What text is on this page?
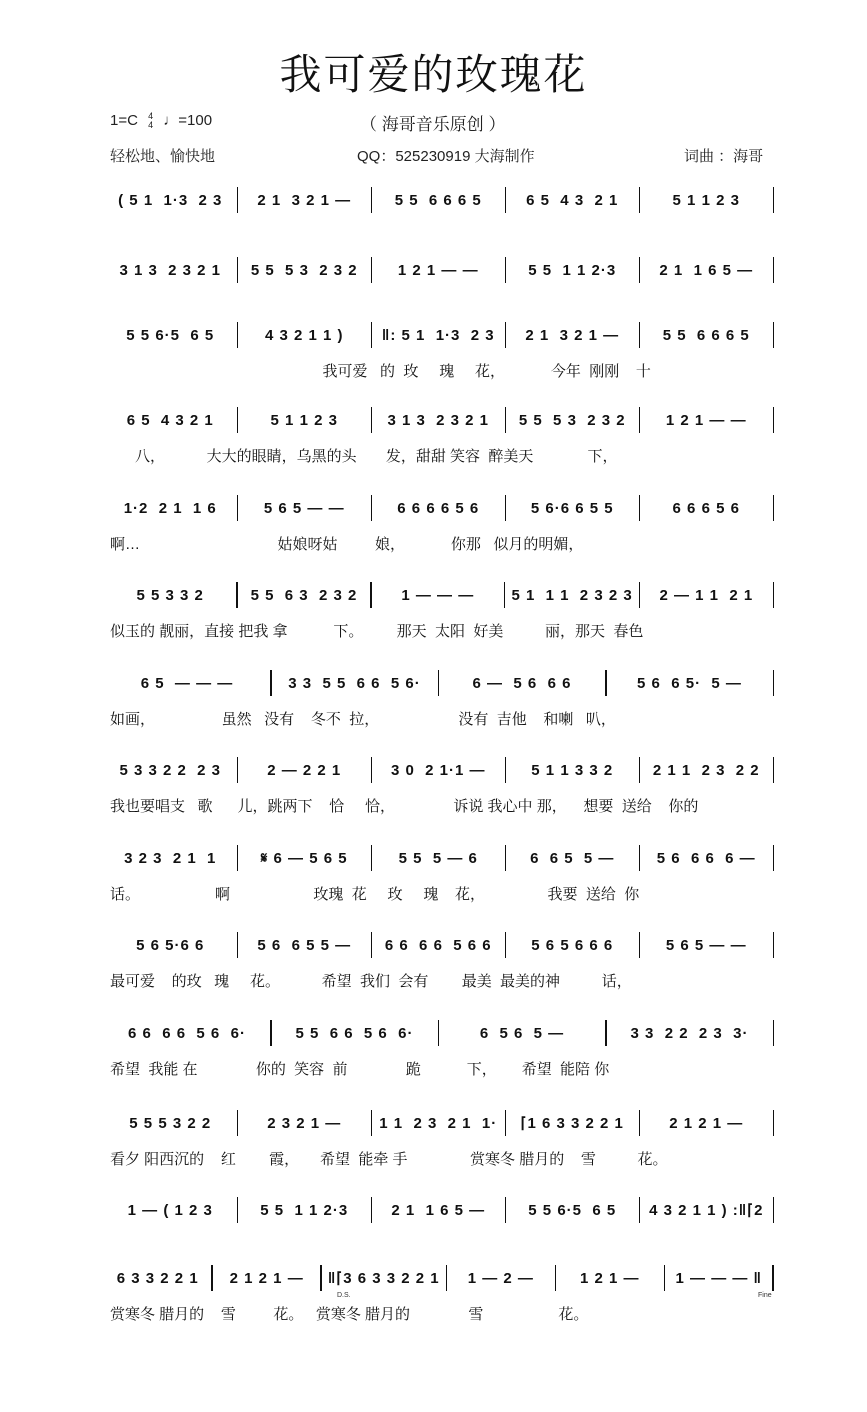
我可爱的玫瑰花
1=C 4
4 ♩=100	（ 海哥音乐原创 ）
轻松地、愉快地	QQ：525230919 大海制作	词曲 ：海哥
( 5 1  1·3  2 3	2 1  3 2 1 —	5 5  6 6 6 5	6 5  4 3  2 1	5 1 1 2 3
3 1 3  2 3 2 1	5 5  5 3  2 3 2	1 2 1 — —	5 5  1 1 2·3	2 1  1 6 5 —
5 5 6·5  6 5	4 3 2 1 1 )	‖: 5 1  1·3  2 3	2 1  3 2 1 —	5 5  6 6 6 5
我可爱   的  玫     瑰     花，           今年  刚刚    十
6 5  4 3 2 1	5 1 1 2 3	3 1 3  2 3 2 1	5 5  5 3  2 3 2	1 2 1 — —
八，          大大的眼睛，乌黑的头       发，甜甜 笑容  醉美天             下，
1·2  2 1  1 6	5 6 5 — —	6 6 6 6 5 6	5 6·6 6 5 5	6 6 6 5 6
啊…                                 姑娘呀姑         娘，           你那   似月的明媚，
5 5 3 3 2	5 5  6 3  2 3 2	1 — — —	5 1  1 1  2 3 2 3	2 — 1 1  2 1
似玉的 靓丽，直接 把我 拿           下。        那天  太阳  好美          丽，那天  春色
6 5  — — —	3 3  5 5  6 6  5 6·	6 —  5 6  6 6	5 6  6 5·  5 —
如画，                虽然   没有    冬不  拉，                   没有  吉他    和喇   叭，
5 3 3 2 2  2 3	2 — 2 2 1	3 0  2 1·1 —	5 1 1 3 3 2	2 1 1  2 3  2 2
我也要唱支   歌      儿，跳两下    恰     恰，              诉说 我心中 那，    想要  送给    你的
3 2 3  2 1  1	𝄋 6 — 5 6 5	5 5  5 — 6	6  6 5  5 —	5 6  6 6  6 —
话。                  啊                    玫瑰  花     玫     瑰    花，               我要  送给  你
5 6 5·6 6	5 6  6 5 5 —	6 6  6 6  5 6 6	5 6 5 6 6 6	5 6 5 — —
最可爱    的玫   瑰     花。          希望  我们  会有        最美  最美的神          话，
6 6  6 6  5 6  6·	5 5  6 6  5 6  6·	6  5 6  5 —	3 3  2 2  2 3  3·
希望  我能 在              你的  笑容  前              跪           下，      希望  能陪 你
5 5 5 3 2 2	2 3 2 1 —	1 1  2 3  2 1  1·	⌈1 6 3 3 2 2 1	2 1 2 1 —
看夕 阳西沉的    红        霞，     希望  能牵 手               赏寒冬 腊月的    雪          花。
1 — ( 1 2 3	5 5  1 1 2·3	2 1  1 6 5 —	5 5 6·5  6 5	4 3 2 1 1 ) :‖⌈2
6 3 3 2 2 1	2 1 2 1 —	‖⌈3 6 3 3 2 2 1	1 — 2 —	1 2 1 —	1 — — — ‖
赏寒冬 腊月的    雪         花。   赏寒冬 腊月的              雪                  花。
D.S.	Fine
